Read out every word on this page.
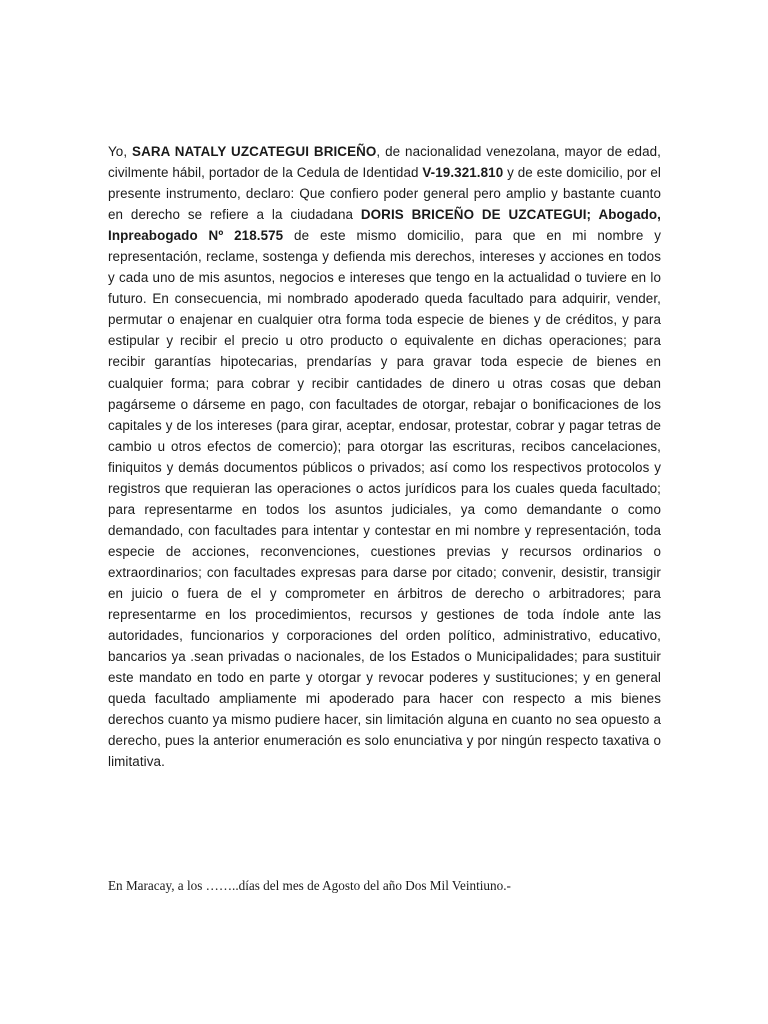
Yo, SARA NATALY UZCATEGUI BRICEÑO, de nacionalidad venezolana, mayor de edad, civilmente hábil, portador de la Cedula de Identidad V-19.321.810 y de este domicilio, por el presente instrumento, declaro: Que confiero poder general pero amplio y bastante cuanto en derecho se refiere a la ciudadana DORIS BRICEÑO DE UZCATEGUI; Abogado, Inpreabogado Nº 218.575 de este mismo domicilio, para que en mi nombre y representación, reclame, sostenga y defienda mis derechos, intereses y acciones en todos y cada uno de mis asuntos, negocios e intereses que tengo en la actualidad o tuviere en lo futuro. En consecuencia, mi nombrado apoderado queda facultado para adquirir, vender, permutar o enajenar en cualquier otra forma toda especie de bienes y de créditos, y para estipular y recibir el precio u otro producto o equivalente en dichas operaciones; para recibir garantías hipotecarias, prendarías y para gravar toda especie de bienes en cualquier forma; para cobrar y recibir cantidades de dinero u otras cosas que deban pagárseme o dárseme en pago, con facultades de otorgar, rebajar o bonificaciones de los capitales y de los intereses (para girar, aceptar, endosar, protestar, cobrar y pagar tetras de cambio u otros efectos de comercio); para otorgar las escrituras, recibos cancelaciones, finiquitos y demás documentos públicos o privados; así como los respectivos protocolos y registros que requieran las operaciones o actos jurídicos para los cuales queda facultado; para representarme en todos los asuntos judiciales, ya como demandante o como demandado, con facultades para intentar y contestar en mi nombre y representación, toda especie de acciones, reconvenciones, cuestiones previas y recursos ordinarios o extraordinarios; con facultades expresas para darse por citado; convenir, desistir, transigir en juicio o fuera de el y comprometer en árbitros de derecho o arbitradores; para representarme en los procedimientos, recursos y gestiones de toda índole ante las autoridades, funcionarios y corporaciones del orden político, administrativo, educativo, bancarios ya .sean privadas o nacionales, de los Estados o Municipalidades; para sustituir este mandato en todo en parte y otorgar y revocar poderes y sustituciones; y en general queda facultado ampliamente mi apoderado para hacer con respecto a mis bienes derechos cuanto ya mismo pudiere hacer, sin limitación alguna en cuanto no sea opuesto a derecho, pues la anterior enumeración es solo enunciativa y por ningún respecto taxativa o limitativa.

En Maracay, a los ……..días del mes de Agosto del año Dos Mil Veintiuno.-
